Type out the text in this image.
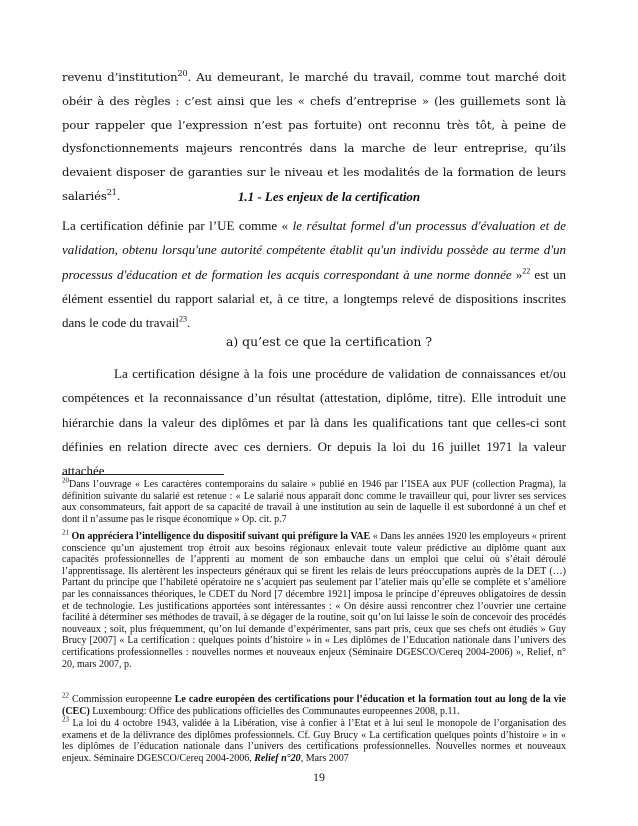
revenu d’institution$^{20}$. Au demeurant, le marché du travail, comme tout marché doit obéir à des règles : c’est ainsi que les « chefs d’entreprise » (les guillemets sont là pour rappeler que l’expression n’est pas fortuite) ont reconnu très tôt, à peine de dysfonctionnements majeurs rencontrés dans la marche de leur entreprise, qu’ils devaient disposer de garanties sur le niveau et les modalités de la formation de leurs salariés$^{21}$.	1.1 - Les enjeux de la certification

La certification définie par l’UE comme « le résultat formel d'un processus d'évaluation et de validation, obtenu lorsqu'une autorité compétente établit qu'un individu possède au terme d'un processus d'éducation et de formation les acquis correspondant à une norme donnée »$^{22}$ est un élément essentiel du rapport salarial et, à ce titre, a longtemps relevé de dispositions inscrites dans le code du travail$^{23}$.

a) qu’est ce que la certification ?

La certification désigne à la fois une procédure de validation de connaissances et/ou compétences et la reconnaissance d’un résultat (attestation, diplôme, titre). Elle introduit une hiérarchie dans la valeur des diplômes et par là dans les qualifications tant que celles-ci sont définies en relation directe avec ces derniers. Or depuis la loi du 16 juillet 1971 la valeur attachée

$^{20}$Dans l’ouvrage « Les caractères contemporains du salaire » publié en 1946 par l’ISEA aux PUF (collection Pragma), la définition suivante du salarié est retenue : « Le salarié nous apparaît donc comme le travailleur qui, pour livrer ses services aux consommateurs, fait apport de sa capacité de travail à une institution au sein de laquelle il est subordonné à un chef et dont il n’assume pas le risque économique » Op. cit. p.7

$^{21}$ On appréciera l’intelligence du dispositif suivant qui préfigure la VAE « Dans les années 1920 les employeurs « prirent conscience qu’un ajustement trop étroit aux besoins régionaux enlevait toute valeur prédictive au diplôme quant aux capacités professionnelles de l’apprenti au moment de son embauche dans un emploi que celui où s’était déroulé l’apprentissage. Ils alertèrent les inspecteurs généraux qui se firent les relais de leurs préoccupations auprès de la DET (…) Partant du principe que l’habileté opératoire ne s’acquiert pas seulement par l’atelier mais qu’elle se complète et s’améliore par les connaissances théoriques, le CDET du Nord [7 décembre 1921] imposa le principe d’épreuves obligatoires de dessin et de technologie. Les justifications apportées sont intéressantes : « On désire aussi rencontrer chez l’ouvrier une certaine facilité à déterminer ses méthodes de travail, à se dégager de la routine, soit qu’on lui laisse le soin de concevoir des procédés nouveaux ; soit, plus fréquemment, qu’on lui demande d’expérimenter, sans part pris, ceux que ses chefs ont étudiés » Guy Brucy [2007] « La certification : quelques points d’histoire » in « Les diplômes de l’Education nationale dans l’univers des certifications professionnelles : nouvelles normes et nouveaux enjeux (Séminaire DGESCO/Cereq 2004-2006) », Relief, n° 20, mars 2007, p.

$^{22}$ Commission europeenne Le cadre européen des certifications pour l’éducation et la formation tout au long de la vie (CEC) Luxembourg: Office des publications officielles des Communautes europeennes 2008, p.11.

$^{23}$ La loi du 4 octobre 1943, validée à la Libération, vise à confier à l’Etat et à lui seul le monopole de l’organisation des examens et de la délivrance des diplômes professionnels. Cf. Guy Brucy « La certification quelques points d’histoire » in « les diplômes de l’éducation nationale dans l’univers des certifications professionnelles. Nouvelles normes et nouveaux enjeux. Séminaire DGESCO/Cereq 2004-2006, Relief n°20, Mars 2007

19
